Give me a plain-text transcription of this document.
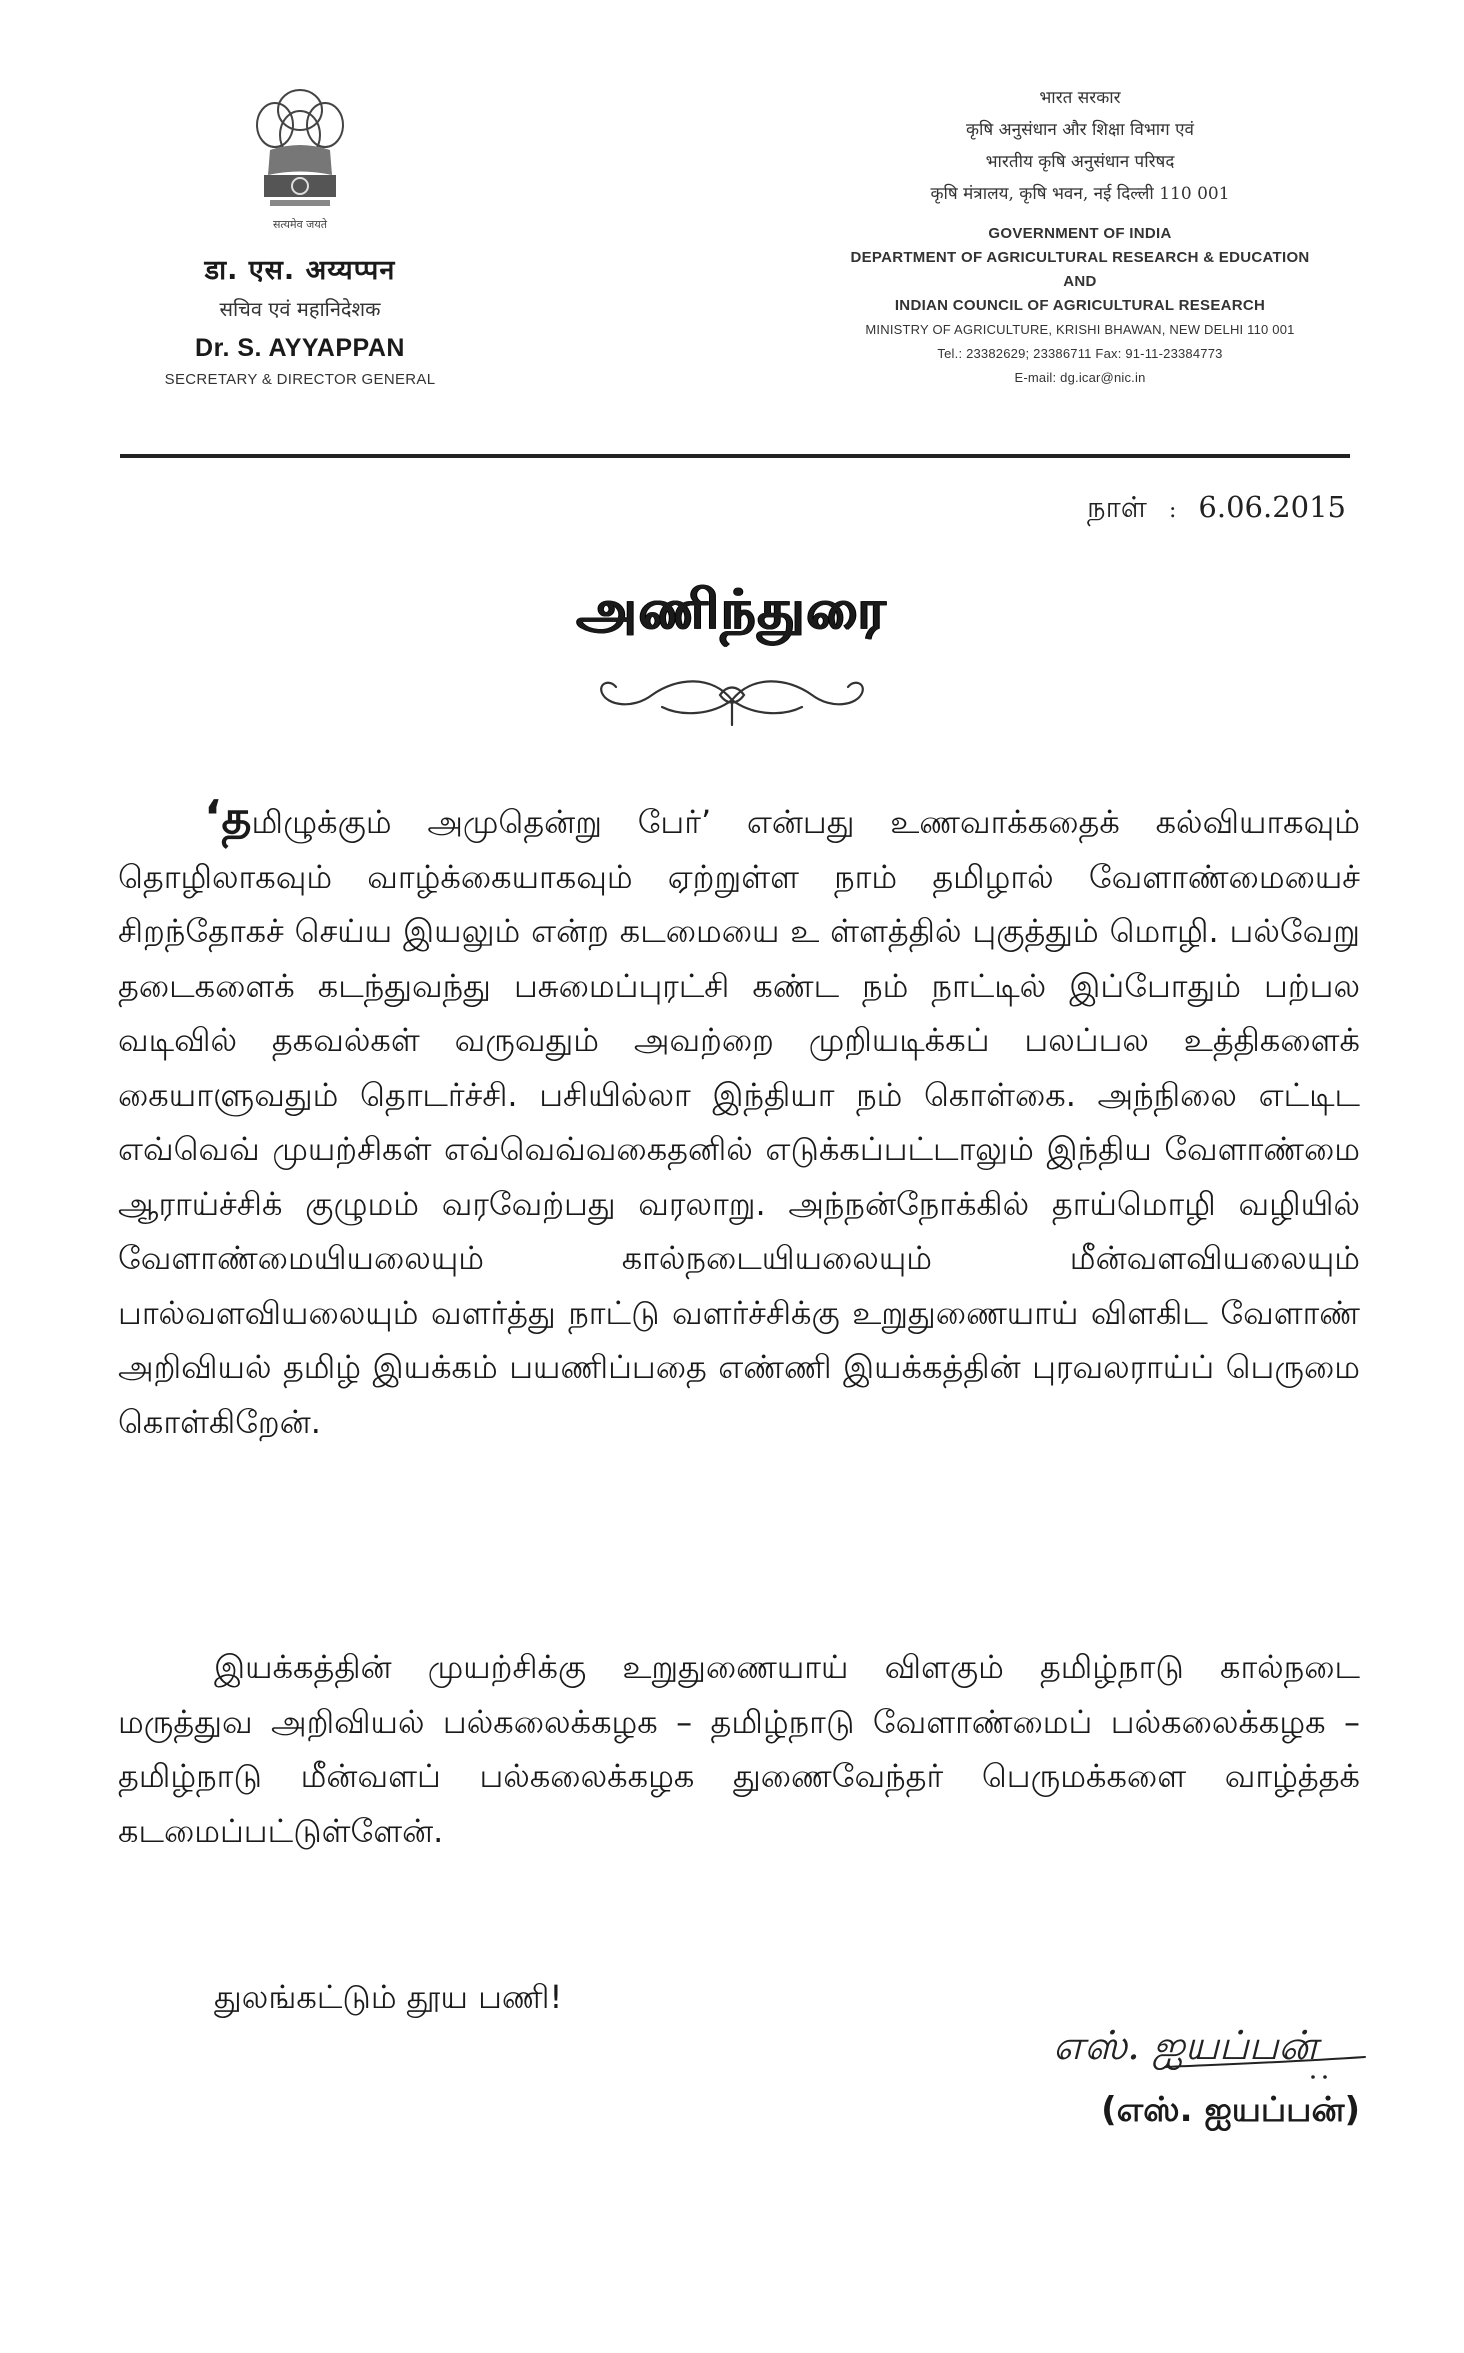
सत्यमेव जयते
डा. एस. अय्यप्पन
सचिव एवं महानिदेशक
Dr. S. AYYAPPAN
SECRETARY & DIRECTOR GENERAL
भारत सरकार
कृषि अनुसंधान और शिक्षा विभाग एवं
भारतीय कृषि अनुसंधान परिषद
कृषि मंत्रालय, कृषि भवन, नई दिल्ली 110 001
GOVERNMENT OF INDIA
DEPARTMENT OF AGRICULTURAL RESEARCH & EDUCATION
AND
INDIAN COUNCIL OF AGRICULTURAL RESEARCH
MINISTRY OF AGRICULTURE, KRISHI BHAWAN, NEW DELHI 110 001
Tel.: 23382629; 23386711 Fax: 91-11-23384773
E-mail: dg.icar@nic.in
நாள் : 6.06.2015
அணிந்துரை

‘தமிழுக்கும் அமுதென்று பேர்’ என்பது உணவாக்கதைக் கல்வியாகவும் தொழிலாகவும் வாழ்க்கையாகவும் ஏற்றுள்ள நாம் தமிழால் வேளாண்மையைச் சிறந்தோகச் செய்ய இயலும் என்ற கடமையை உ ள்ளத்தில் புகுத்தும் மொழி. பல்வேறு தடைகளைக் கடந்துவந்து பசுமைப்புரட்சி கண்ட நம் நாட்டில் இப்போதும் பற்பல வடிவில் தகவல்கள் வருவதும் அவற்றை முறியடிக்கப் பலப்பல உத்திகளைக் கையாளுவதும் தொடர்ச்சி. பசியில்லா இந்தியா நம் கொள்கை. அந்நிலை எட்டிட எவ்வெவ் முயற்சிகள் எவ்வெவ்வகைதனில் எடுக்கப்பட்டாலும் இந்திய வேளாண்மை ஆராய்ச்சிக் குழுமம் வரவேற்பது வரலாறு. அந்நன்நோக்கில் தாய்மொழி வழியில் வேளாண்மையியலையும் கால்நடையியலையும் மீன்வளவியலையும் பால்வளவியலையும் வளர்த்து நாட்டு வளர்ச்சிக்கு உறுதுணையாய் விளகிட வேளாண் அறிவியல் தமிழ் இயக்கம் பயணிப்பதை எண்ணி இயக்கத்தின் புரவலராய்ப் பெருமை கொள்கிறேன்.

இயக்கத்தின் முயற்சிக்கு உறுதுணையாய் விளகும் தமிழ்நாடு கால்நடை மருத்துவ அறிவியல் பல்கலைக்கழக – தமிழ்நாடு வேளாண்மைப் பல்கலைக்கழக – தமிழ்நாடு மீன்வளப் பல்கலைக்கழக துணைவேந்தர் பெருமக்களை வாழ்த்தக் கடமைப்பட்டுள்ளேன்.

துலங்கட்டும் தூய பணி!

எஸ். ஐயப்பன்
(எஸ். ஐயப்பன்)
